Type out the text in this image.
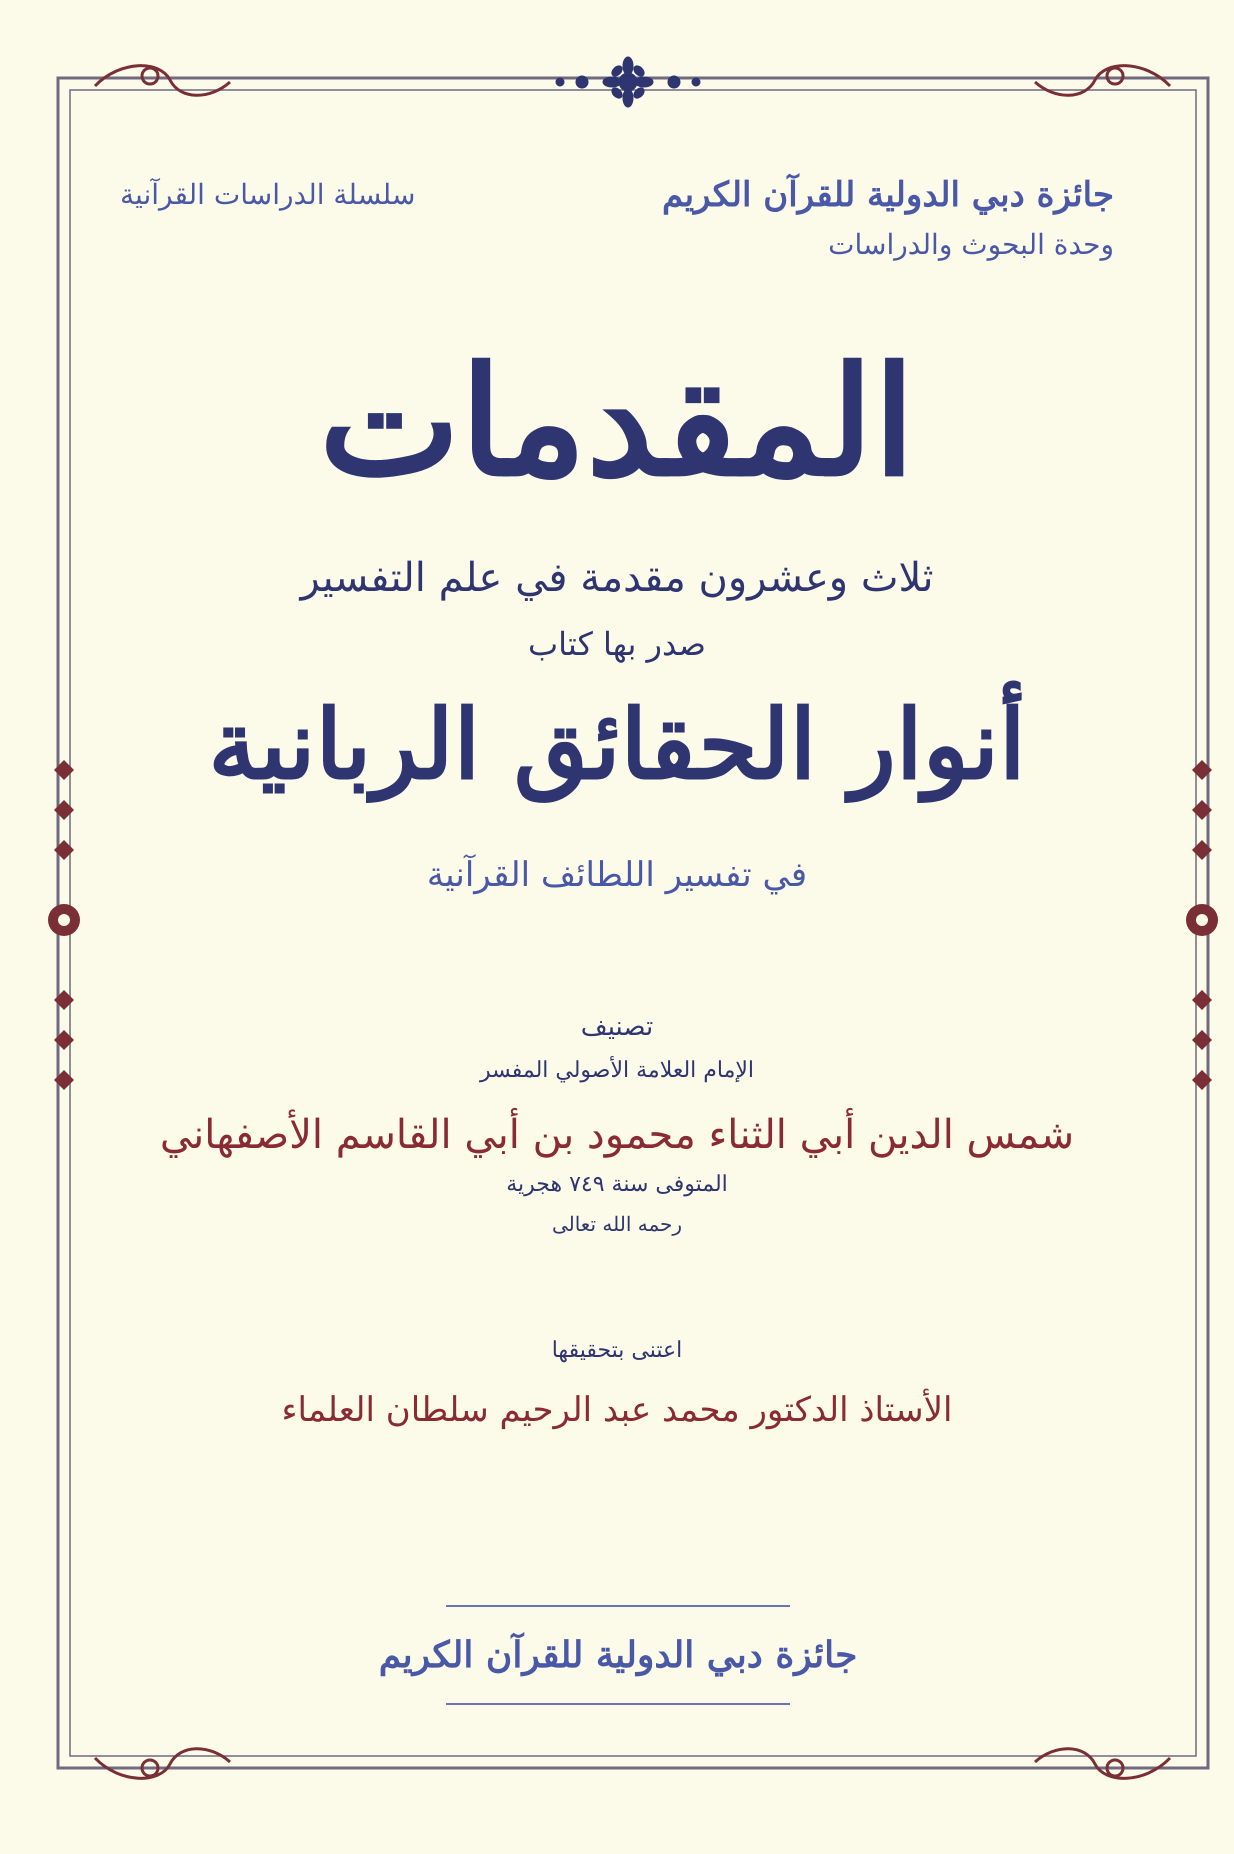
جائزة دبي الدولية للقرآن الكريم
وحدة البحوث والدراسات
سلسلة الدراسات القرآنية
المقدمات
ثلاث وعشرون مقدمة في علم التفسير
صدر بها كتاب
أنوار الحقائق الربانية
في تفسير اللطائف القرآنية
تصنيف
الإمام العلامة الأصولي المفسر
شمس الدين أبي الثناء محمود بن أبي القاسم الأصفهاني
المتوفى سنة ٧٤٩ هجرية
رحمه الله تعالى
اعتنى بتحقيقها
الأستاذ الدكتور محمد عبد الرحيم سلطان العلماء
جائزة دبي الدولية للقرآن الكريم
